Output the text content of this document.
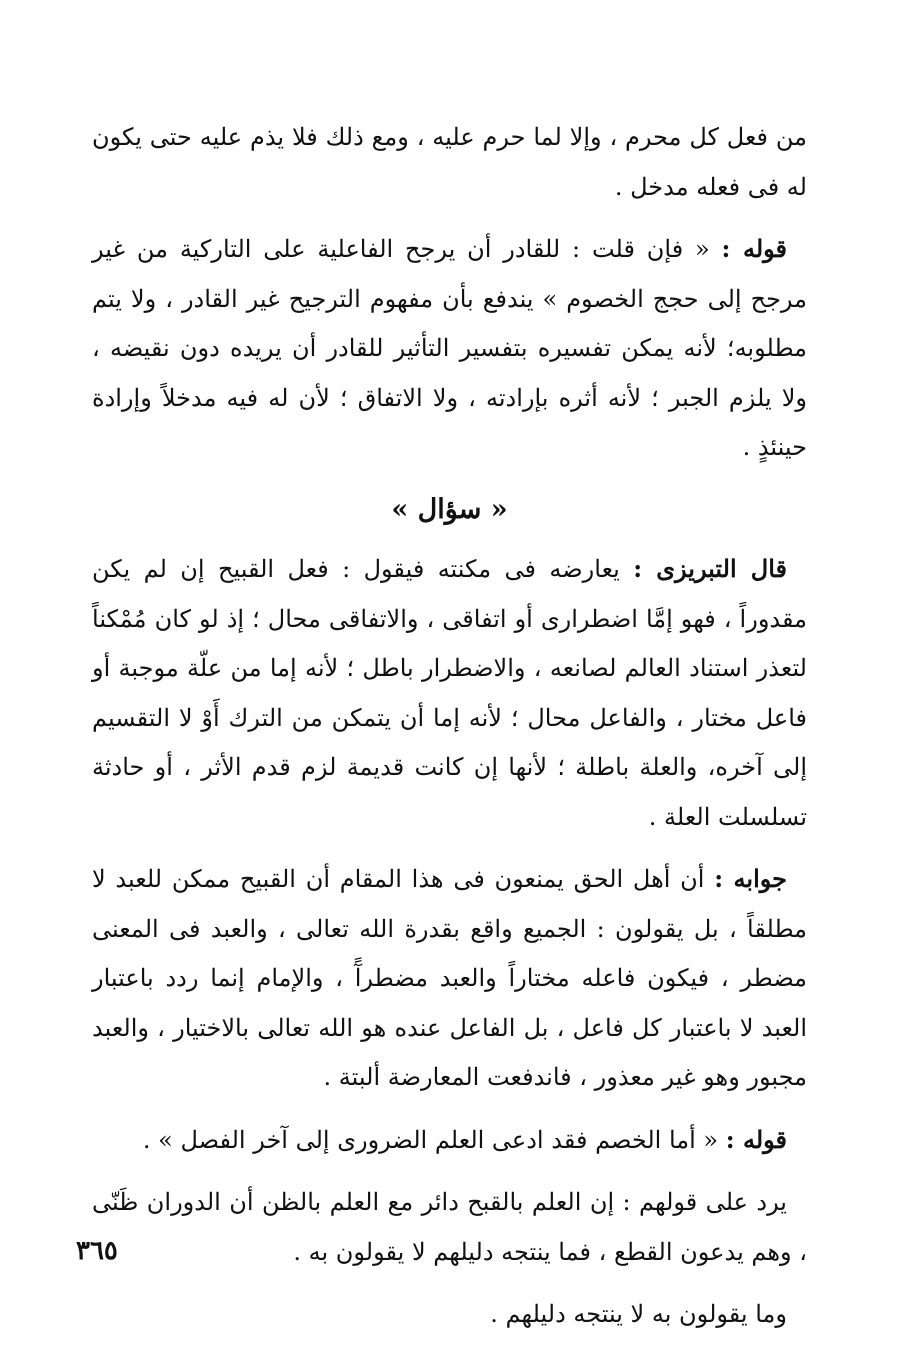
من فعل كل محرم ، وإلا لما حرم عليه ، ومع ذلك فلا يذم عليه حتى يكون له فى فعله مدخل .

قوله : « فإن قلت : للقادر أن يرجح الفاعلية على التاركية من غير مرجح إلى حجج الخصوم » يندفع بأن مفهوم الترجيح غير القادر ، ولا يتم مطلوبه؛ لأنه يمكن تفسيره بتفسير التأثير للقادر أن يريده دون نقيضه ، ولا يلزم الجبر ؛ لأنه أثره بإرادته ، ولا الاتفاق ؛ لأن له فيه مدخلاً وإرادة حينئذٍ .

« سؤال »

قال التبريزى : يعارضه فى مكنته فيقول : فعل القبيح إن لم يكن مقدوراً ، فهو إمَّا اضطرارى أو اتفاقى ، والاتفاقى محال ؛ إذ لو كان مُمْكناً لتعذر استناد العالم لصانعه ، والاضطرار باطل ؛ لأنه إما من علّة موجبة أو فاعل مختار ، والفاعل محال ؛ لأنه إما أن يتمكن من الترك أَوْ لا التقسيم إلى آخره، والعلة باطلة ؛ لأنها إن كانت قديمة لزم قدم الأثر ، أو حادثة تسلسلت العلة .

جوابه : أن أهل الحق يمنعون فى هذا المقام أن القبيح ممكن للعبد لا مطلقاً ، بل يقولون : الجميع واقع بقدرة الله تعالى ، والعبد فى المعنى مضطر ، فيكون فاعله مختاراً والعبد مضطرآً ، والإمام إنما ردد باعتبار العبد لا باعتبار كل فاعل ، بل الفاعل عنده هو الله تعالى بالاختيار ، والعبد مجبور وهو غير معذور ، فاندفعت المعارضة ألبتة .

قوله : « أما الخصم فقد ادعى العلم الضرورى إلى آخر الفصل » .

يرد على قولهم : إن العلم بالقبح دائر مع العلم بالظن أن الدوران ظَنّى ، وهم يدعون القطع ، فما ينتجه دليلهم لا يقولون به .

وما يقولون به لا ينتجه دليلهم .

٣٦٥
